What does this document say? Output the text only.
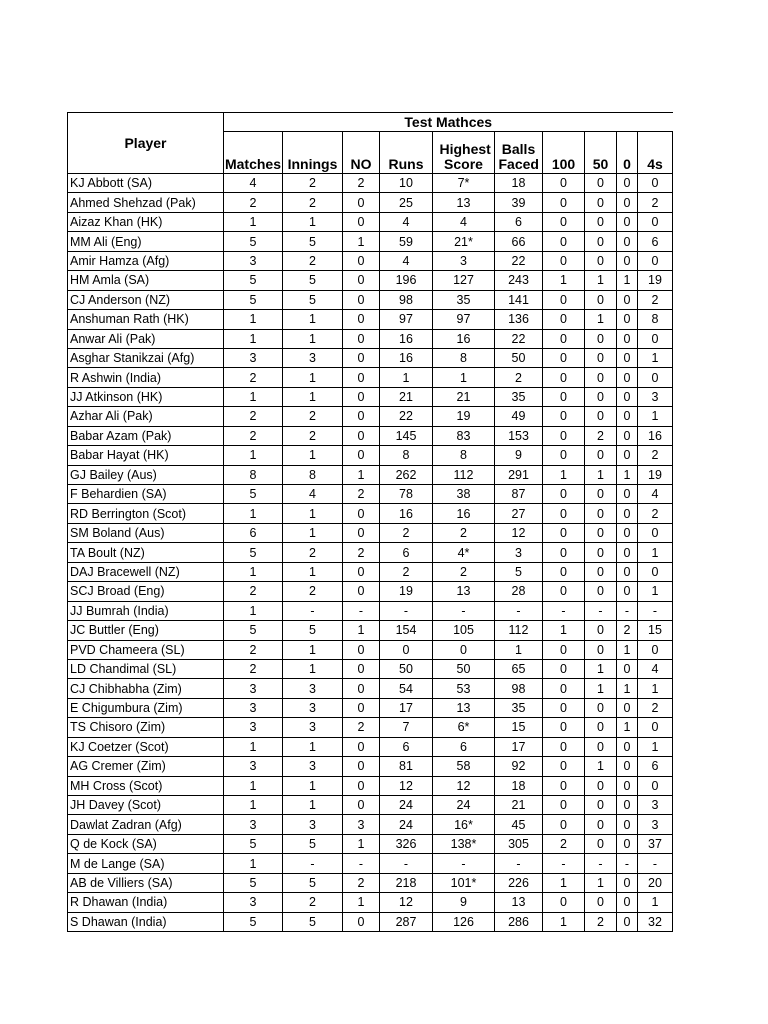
Player	Test Mathces									
	Matches	Innings	NO	Runs	Highest Score	Balls Faced	100	50	0	4s
KJ Abbott (SA)	4	2	2	10	7*	18	0	0	0	0
Ahmed Shehzad (Pak)	2	2	0	25	13	39	0	0	0	2
Aizaz Khan (HK)	1	1	0	4	4	6	0	0	0	0
MM Ali (Eng)	5	5	1	59	21*	66	0	0	0	6
Amir Hamza (Afg)	3	2	0	4	3	22	0	0	0	0
HM Amla (SA)	5	5	0	196	127	243	1	1	1	19
CJ Anderson (NZ)	5	5	0	98	35	141	0	0	0	2
Anshuman Rath (HK)	1	1	0	97	97	136	0	1	0	8
Anwar Ali (Pak)	1	1	0	16	16	22	0	0	0	0
Asghar Stanikzai (Afg)	3	3	0	16	8	50	0	0	0	1
R Ashwin (India)	2	1	0	1	1	2	0	0	0	0
JJ Atkinson (HK)	1	1	0	21	21	35	0	0	0	3
Azhar Ali (Pak)	2	2	0	22	19	49	0	0	0	1
Babar Azam (Pak)	2	2	0	145	83	153	0	2	0	16
Babar Hayat (HK)	1	1	0	8	8	9	0	0	0	2
GJ Bailey (Aus)	8	8	1	262	112	291	1	1	1	19
F Behardien (SA)	5	4	2	78	38	87	0	0	0	4
RD Berrington (Scot)	1	1	0	16	16	27	0	0	0	2
SM Boland (Aus)	6	1	0	2	2	12	0	0	0	0
TA Boult (NZ)	5	2	2	6	4*	3	0	0	0	1
DAJ Bracewell (NZ)	1	1	0	2	2	5	0	0	0	0
SCJ Broad (Eng)	2	2	0	19	13	28	0	0	0	1
JJ Bumrah (India)	1	-	-	-	-	-	-	-	-	-
JC Buttler (Eng)	5	5	1	154	105	112	1	0	2	15
PVD Chameera (SL)	2	1	0	0	0	1	0	0	1	0
LD Chandimal (SL)	2	1	0	50	50	65	0	1	0	4
CJ Chibhabha (Zim)	3	3	0	54	53	98	0	1	1	1
E Chigumbura (Zim)	3	3	0	17	13	35	0	0	0	2
TS Chisoro (Zim)	3	3	2	7	6*	15	0	0	1	0
KJ Coetzer (Scot)	1	1	0	6	6	17	0	0	0	1
AG Cremer (Zim)	3	3	0	81	58	92	0	1	0	6
MH Cross (Scot)	1	1	0	12	12	18	0	0	0	0
JH Davey (Scot)	1	1	0	24	24	21	0	0	0	3
Dawlat Zadran (Afg)	3	3	3	24	16*	45	0	0	0	3
Q de Kock (SA)	5	5	1	326	138*	305	2	0	0	37
M de Lange (SA)	1	-	-	-	-	-	-	-	-	-
AB de Villiers (SA)	5	5	2	218	101*	226	1	1	0	20
R Dhawan (India)	3	2	1	12	9	13	0	0	0	1
S Dhawan (India)	5	5	0	287	126	286	1	2	0	32
